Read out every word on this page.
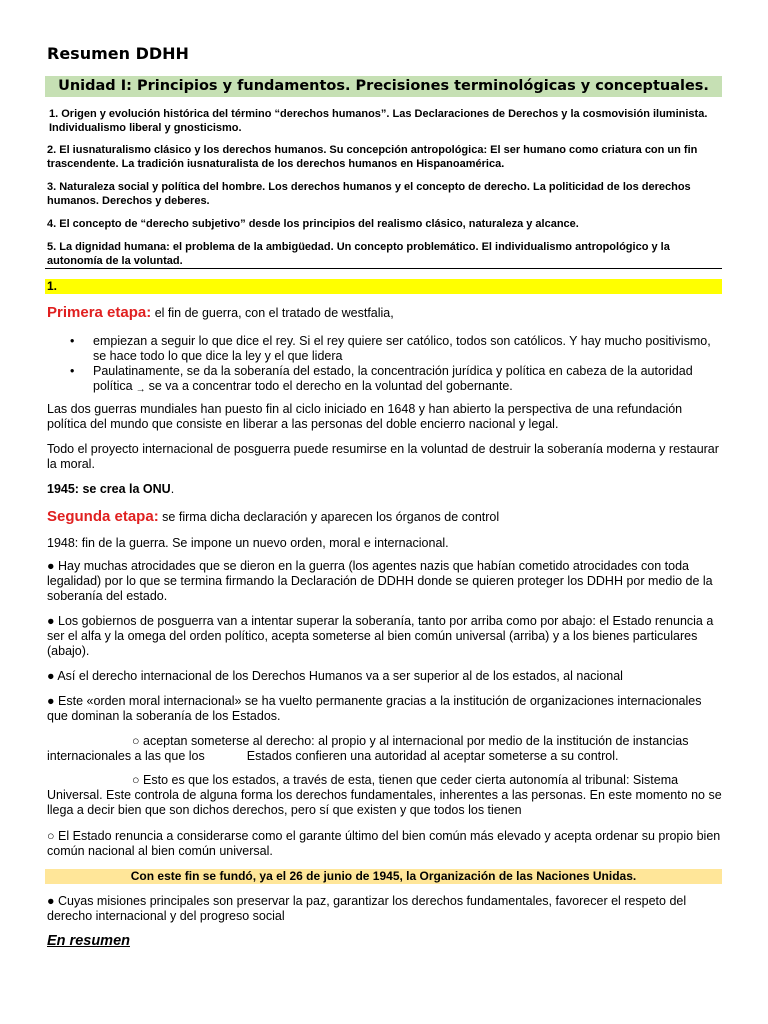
Resumen DDHH
Unidad I: Principios y fundamentos. Precisiones terminológicas y conceptuales.
1. Origen y evolución histórica del término “derechos humanos”. Las Declaraciones de Derechos y la cosmovisión iluminista. Individualismo liberal y gnosticismo.
2. El iusnaturalismo clásico y los derechos humanos. Su concepción antropológica: El ser humano como criatura con un fin trascendente. La tradición iusnaturalista de los derechos humanos en Hispanoamérica.
3. Naturaleza social y política del hombre. Los derechos humanos y el concepto de derecho. La politicidad de los derechos humanos. Derechos y deberes.
4. El concepto de “derecho subjetivo” desde los principios del realismo clásico, naturaleza y alcance.
5. La dignidad humana: el problema de la ambigüedad. Un concepto problemático. El individualismo antropológico y la autonomía de la voluntad.
1.
Primera etapa: el fin de guerra, con el tratado de westfalia,
• empiezan a seguir lo que dice el rey. Si el rey quiere ser católico, todos son católicos. Y hay mucho positivismo, se hace todo lo que dice la ley y el que lidera
• Paulatinamente, se da la soberanía del estado, la concentración jurídica y política en cabeza de la autoridad política → se va a concentrar todo el derecho en la voluntad del gobernante.
Las dos guerras mundiales han puesto fin al ciclo iniciado en 1648 y han abierto la perspectiva de una refundación política del mundo que consiste en liberar a las personas del doble encierro nacional y legal.
Todo el proyecto internacional de posguerra puede resumirse en la voluntad de destruir la soberanía moderna y restaurar la moral.
1945: se crea la ONU.
Segunda etapa: se firma dicha declaración y aparecen los órganos de control
1948: fin de la guerra. Se impone un nuevo orden, moral e internacional.
● Hay muchas atrocidades que se dieron en la guerra (los agentes nazis que habían cometido atrocidades con toda legalidad) por lo que se termina firmando la Declaración de DDHH donde se quieren proteger los DDHH por medio de la soberanía del estado.
● Los gobiernos de posguerra van a intentar superar la soberanía, tanto por arriba como por abajo: el Estado renuncia a ser el alfa y la omega del orden político, acepta someterse al bien común universal (arriba) y a los bienes particulares (abajo).
● Así el derecho internacional de los Derechos Humanos va a ser superior al de los estados, al nacional
● Este «orden moral internacional» se ha vuelto permanente gracias a la institución de organizaciones internacionales que dominan la soberanía de los Estados.
○ aceptan someterse al derecho: al propio y al internacional por medio de la institución de instancias internacionales a las que los	Estados confieren una autoridad al aceptar someterse a su control.
○ Esto es que los estados, a través de esta, tienen que ceder cierta autonomía al tribunal: Sistema Universal. Este controla de alguna forma los derechos fundamentales, inherentes a las personas. En este momento no se llega a decir bien que son dichos derechos, pero sí que existen y que todos los tienen
○ El Estado renuncia a considerarse como el garante último del bien común más elevado y acepta ordenar su propio bien común nacional al bien común universal.
Con este fin se fundó, ya el 26 de junio de 1945, la Organización de las Naciones Unidas.
● Cuyas misiones principales son preservar la paz, garantizar los derechos fundamentales, favorecer el respeto del derecho internacional y del progreso social
En resumen
